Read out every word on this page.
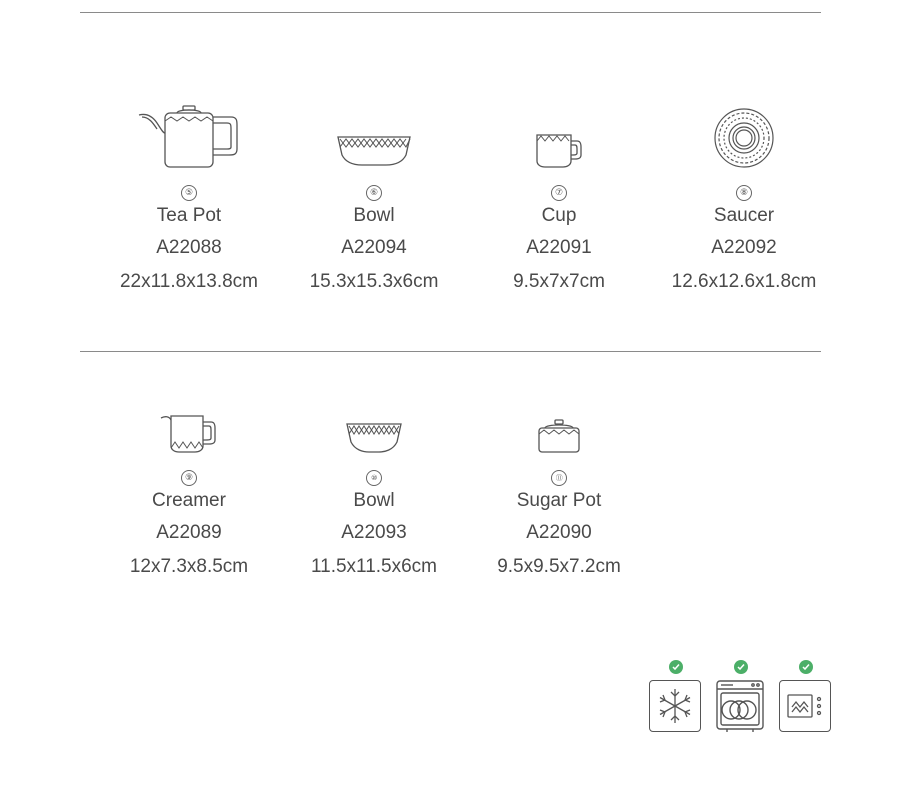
⑤
Tea Pot
A22088
22x11.8x13.8cm
⑥
Bowl
A22094
15.3x15.3x6cm
⑦
Cup
A22091
9.5x7x7cm
⑧
Saucer
A22092
12.6x12.6x1.8cm
⑨
Creamer
A22089
12x7.3x8.5cm
⑩
Bowl
A22093
11.5x11.5x6cm
⑪
Sugar Pot
A22090
9.5x9.5x7.2cm
